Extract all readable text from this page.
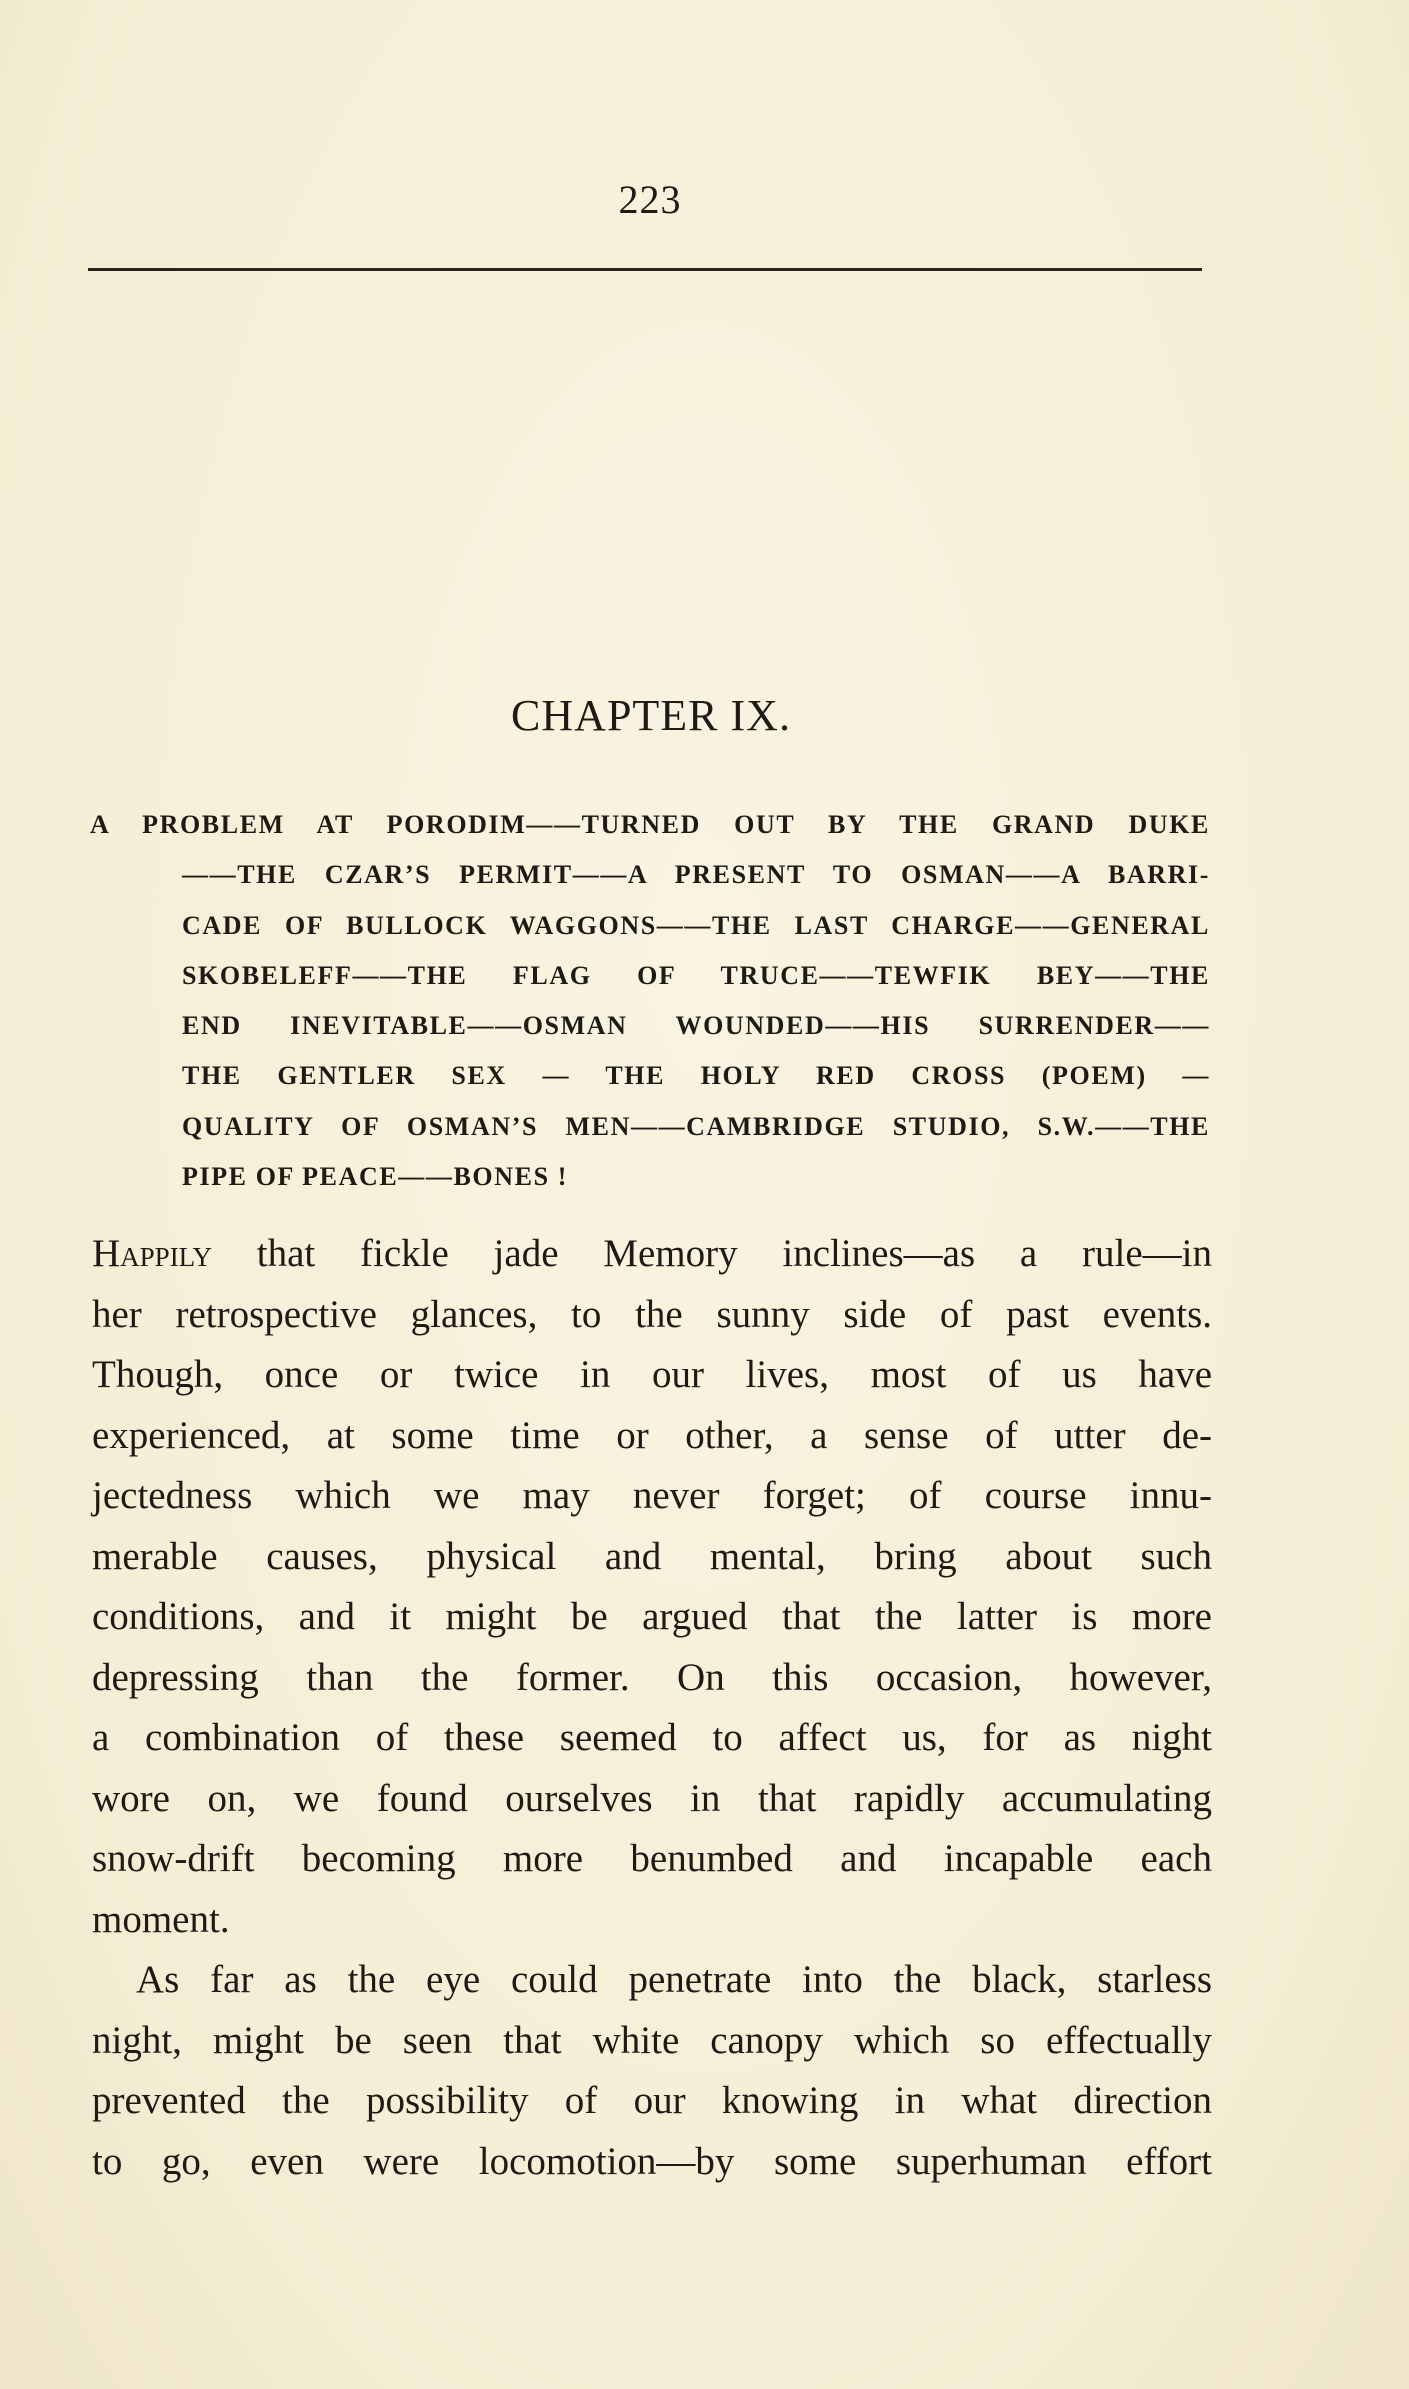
223
CHAPTER IX.
A PROBLEM AT PORODIM——TURNED OUT BY THE GRAND DUKE
——THE CZAR’S PERMIT——A PRESENT TO OSMAN——A BARRI-
CADE OF BULLOCK WAGGONS——THE LAST CHARGE——GENERAL
SKOBELEFF——THE FLAG OF TRUCE——TEWFIK BEY——THE
END INEVITABLE——OSMAN WOUNDED——HIS SURRENDER——
THE GENTLER SEX — THE HOLY RED CROSS (POEM) —
QUALITY OF OSMAN’S MEN——CAMBRIDGE STUDIO, S.W.——THE
PIPE OF PEACE——BONES !
Happily that fickle jade Memory inclines—as a rule—in
her retrospective glances, to the sunny side of past events.
Though, once or twice in our lives, most of us have
experienced, at some time or other, a sense of utter de-
jectedness which we may never forget; of course innu-
merable causes, physical and mental, bring about such
conditions, and it might be argued that the latter is more
depressing than the former. On this occasion, however,
a combination of these seemed to affect us, for as night
wore on, we found ourselves in that rapidly accumulating
snow-drift becoming more benumbed and incapable each
moment.
As far as the eye could penetrate into the black, starless
night, might be seen that white canopy which so effectually
prevented the possibility of our knowing in what direction
to go, even were locomotion—by some superhuman effort
